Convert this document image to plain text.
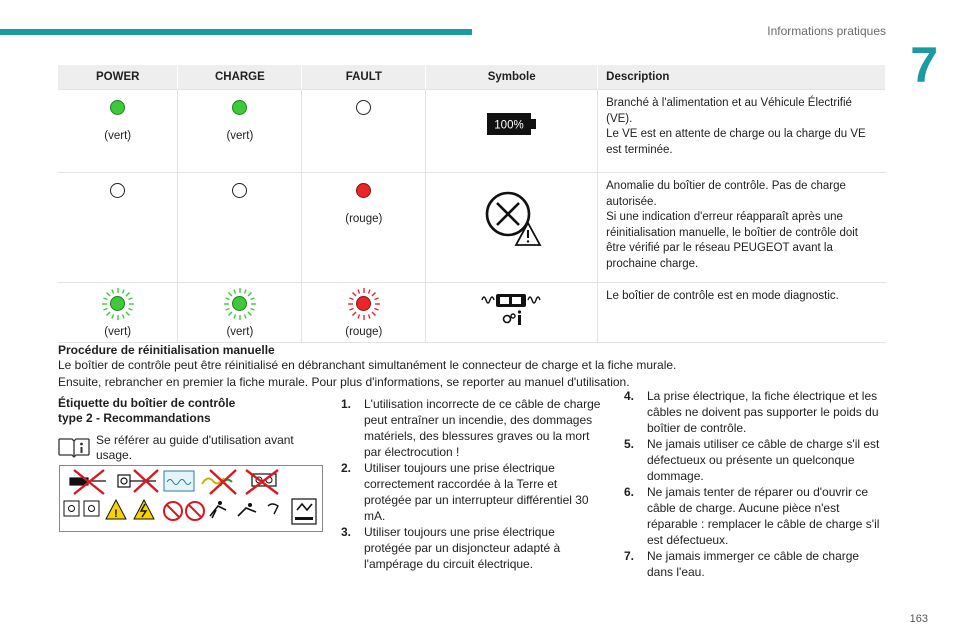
Informations pratiques
7
POWER	CHARGE	FAULT	Symbole	Description

(vert)	(vert)		100%	Branché à l'alimentation et au Véhicule Électrifié (VE).
Le VE est en attente de charge ou la charge du VE est terminée.

		(rouge)		Anomalie du boîtier de contrôle. Pas de charge autorisée.
Si une indication d'erreur réapparaît après une réinitialisation manuelle, le boîtier de contrôle doit être vérifié par le réseau PEUGEOT avant la prochaine charge.

(vert)	(vert)	(rouge)		Le boîtier de contrôle est en mode diagnostic.
Procédure de réinitialisation manuelle
Le boîtier de contrôle peut être réinitialisé en débranchant simultanément le connecteur de charge et la fiche murale.
Ensuite, rebrancher en premier la fiche murale. Pour plus d'informations, se reporter au manuel d'utilisation.
Étiquette du boîtier de contrôle
type 2 - Recommandations
Se référer au guide d'utilisation avant usage.
!
1. L'utilisation incorrecte de ce câble de charge peut entraîner un incendie, des dommages matériels, des blessures graves ou la mort par électrocution !
2. Utiliser toujours une prise électrique correctement raccordée à la Terre et protégée par un interrupteur différentiel 30 mA.
3. Utiliser toujours une prise électrique protégée par un disjoncteur adapté à l'ampérage du circuit électrique.
4. La prise électrique, la fiche électrique et les câbles ne doivent pas supporter le poids du boîtier de contrôle.
5. Ne jamais utiliser ce câble de charge s'il est défectueux ou présente un quelconque dommage.
6. Ne jamais tenter de réparer ou d'ouvrir ce câble de charge. Aucune pièce n'est réparable : remplacer le câble de charge s'il est défectueux.
7. Ne jamais immerger ce câble de charge dans l'eau.
163
